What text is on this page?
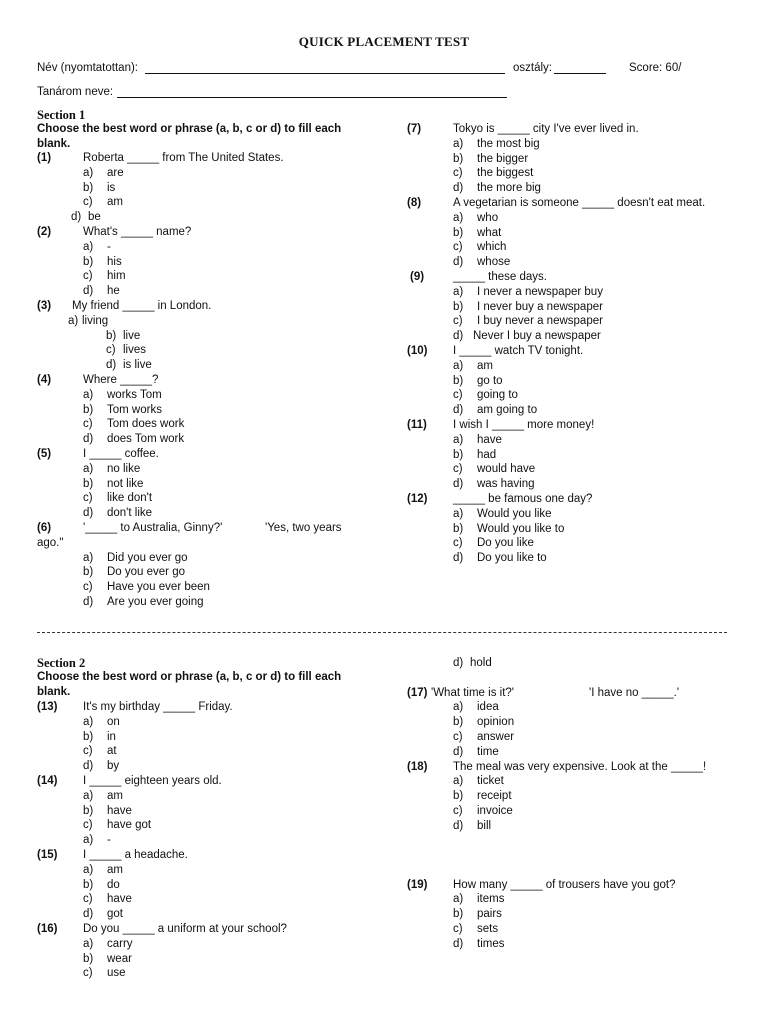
QUICK PLACEMENT TEST
Név (nyomtatottan):	osztály:	Score: 60/
Tanárom neve:
Section 1
Choose the best word or phrase (a, b, c or d) to fill each blank.
(1)	Roberta _____ from The United States.
a) are
b) is
c) am
d) be
(2)	What's _____ name?
a) -
b) his
c) him
d) he
(3) My friend _____ in London.
a) living
b) live
c) lives
d) is live
(4)	Where _____?
a) works Tom
b) Tom works
c) Tom does work
d) does Tom work
(5)	I _____ coffee.
a) no like
b) not like
c) like don't
d) don't like
(6)	'_____ to Australia, Ginny?'	'Yes, two years
ago."
a) Did you ever go
b) Do you ever go
c) Have you ever been
d) Are you ever going
(7)	Tokyo is _____ city I've ever lived in.
a) the most big
b) the bigger
c) the biggest
d) the more big
(8)	A vegetarian is someone _____ doesn't eat meat.
a) who
b) what
c) which
d) whose
(9)	_____ these days.
a) I never a newspaper buy
b) I never buy a newspaper
c) I buy never a newspaper
d) Never I buy a newspaper
(10) I _____ watch TV tonight.
a) am
b) go to
c) going to
d) am going to
(11) I wish I _____ more money!
a) have
b) had
c) would have
d) was having
(12) _____ be famous one day?
a) Would you like
b) Would you like to
c) Do you like
d) Do you like to
Section 2
Choose the best word or phrase (a, b, c or d) to fill each blank.
(13) It's my birthday _____ Friday.
a) on
b) in
c) at
d) by
(14) I _____ eighteen years old.
a) am
b) have
c) have got
a) -
(15) I _____ a headache.
a) am
b) do
c) have
d) got
(16) Do you _____ a uniform at your school?
a) carry
b) wear
c) use
d) hold
(17) 'What time is it?'	'I have no _____.'
a) idea
b) opinion
c) answer
d) time
(18) The meal was very expensive. Look at the _____!
a) ticket
b) receipt
c) invoice
d) bill
(19) How many _____ of trousers have you got?
a) items
b) pairs
c) sets
d) times
